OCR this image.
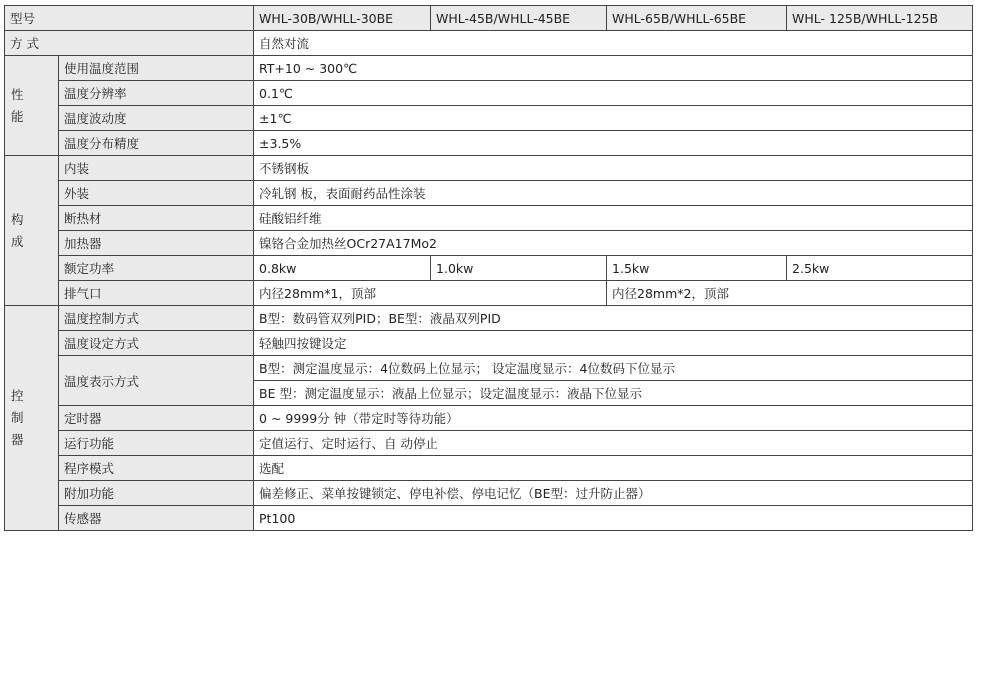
型号		WHL-30B/WHLL-30BE	WHL-45B/WHLL-45BE	WHL-65B/WHLL-65BE	WHL- 125B/WHLL-125B
方 式		自然对流			

性
能	使用温度范围	RT+10 ~ 300℃			
	温度分辨率	0.1℃			
	温度波动度	±1℃			
	温度分布精度	±3.5%			

构
成	内装	不锈钢板			
	外装	冷轧钢 板，表面耐药品性涂装			
	断热材	硅酸铝纤维			
	加热器	镍铬合金加热丝OCr27A17Mo2			
	额定功率	0.8kw	1.0kw	1.5kw	2.5kw
	排气口	内径28mm*1，顶部		内径28mm*2，顶部	

控
制
器	温度控制方式	B型：数码管双列PID；BE型：液晶双列PID			
	温度设定方式	轻触四按键设定			
	温度表示方式	B型：测定温度显示：4位数码上位显示； 设定温度显示：4位数码下位显示			
		BE 型：测定温度显示：液晶上位显示；设定温度显示：液晶下位显示			
	定时器	0 ~ 9999分 钟（带定时等待功能）			
	运行功能	定值运行、定时运行、自 动停止			
	程序模式	选配			
	附加功能	偏差修正、菜单按键锁定、停电补偿、停电记忆（BE型：过升防止器）			
	传感器	Pt100			
